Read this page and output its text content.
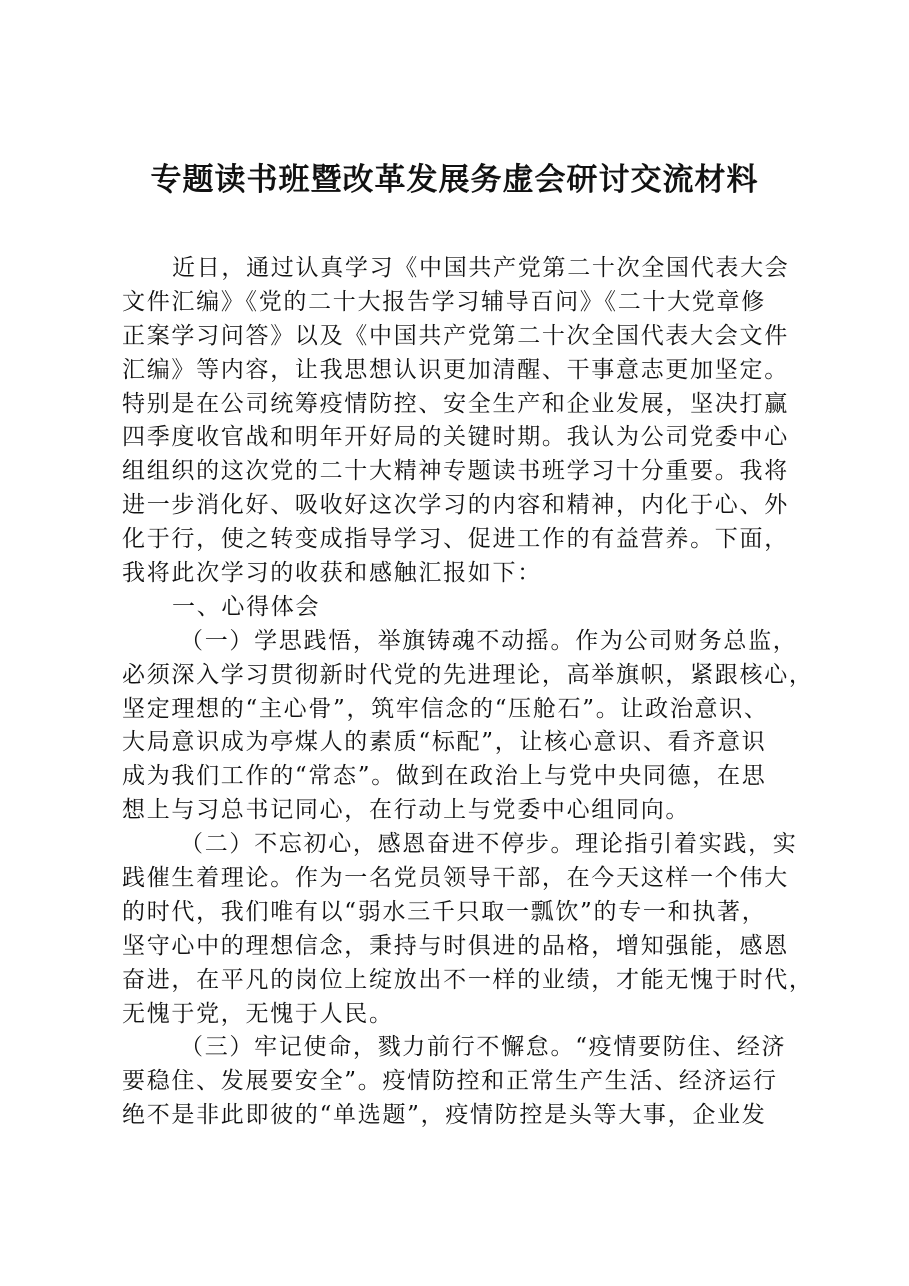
专题读书班暨改革发展务虚会研讨交流材料
近日，通过认真学习《中国共产党第二十次全国代表大会
文件汇编》《党的二十大报告学习辅导百问》《二十大党章修
正案学习问答》以及《中国共产党第二十次全国代表大会文件
汇编》等内容，让我思想认识更加清醒、干事意志更加坚定。
特别是在公司统筹疫情防控、安全生产和企业发展，坚决打赢
四季度收官战和明年开好局的关键时期。我认为公司党委中心
组组织的这次党的二十大精神专题读书班学习十分重要。我将
进一步消化好、吸收好这次学习的内容和精神，内化于心、外
化于行，使之转变成指导学习、促进工作的有益营养。下面，
我将此次学习的收获和感触汇报如下：
一、心得体会
（一）学思践悟，举旗铸魂不动摇。作为公司财务总监，
必须深入学习贯彻新时代党的先进理论，高举旗帜，紧跟核心，
坚定理想的“主心骨”，筑牢信念的“压舱石”。让政治意识、
大局意识成为亭煤人的素质“标配”，让核心意识、看齐意识
成为我们工作的“常态”。做到在政治上与党中央同德，在思
想上与习总书记同心，在行动上与党委中心组同向。
（二）不忘初心，感恩奋进不停步。理论指引着实践，实
践催生着理论。作为一名党员领导干部，在今天这样一个伟大
的时代，我们唯有以“弱水三千只取一瓢饮”的专一和执著，
坚守心中的理想信念，秉持与时俱进的品格，增知强能，感恩
奋进，在平凡的岗位上绽放出不一样的业绩，才能无愧于时代，
无愧于党，无愧于人民。
（三）牢记使命，戮力前行不懈怠。“疫情要防住、经济
要稳住、发展要安全”。疫情防控和正常生产生活、经济运行
绝不是非此即彼的“单选题”，疫情防控是头等大事，企业发
